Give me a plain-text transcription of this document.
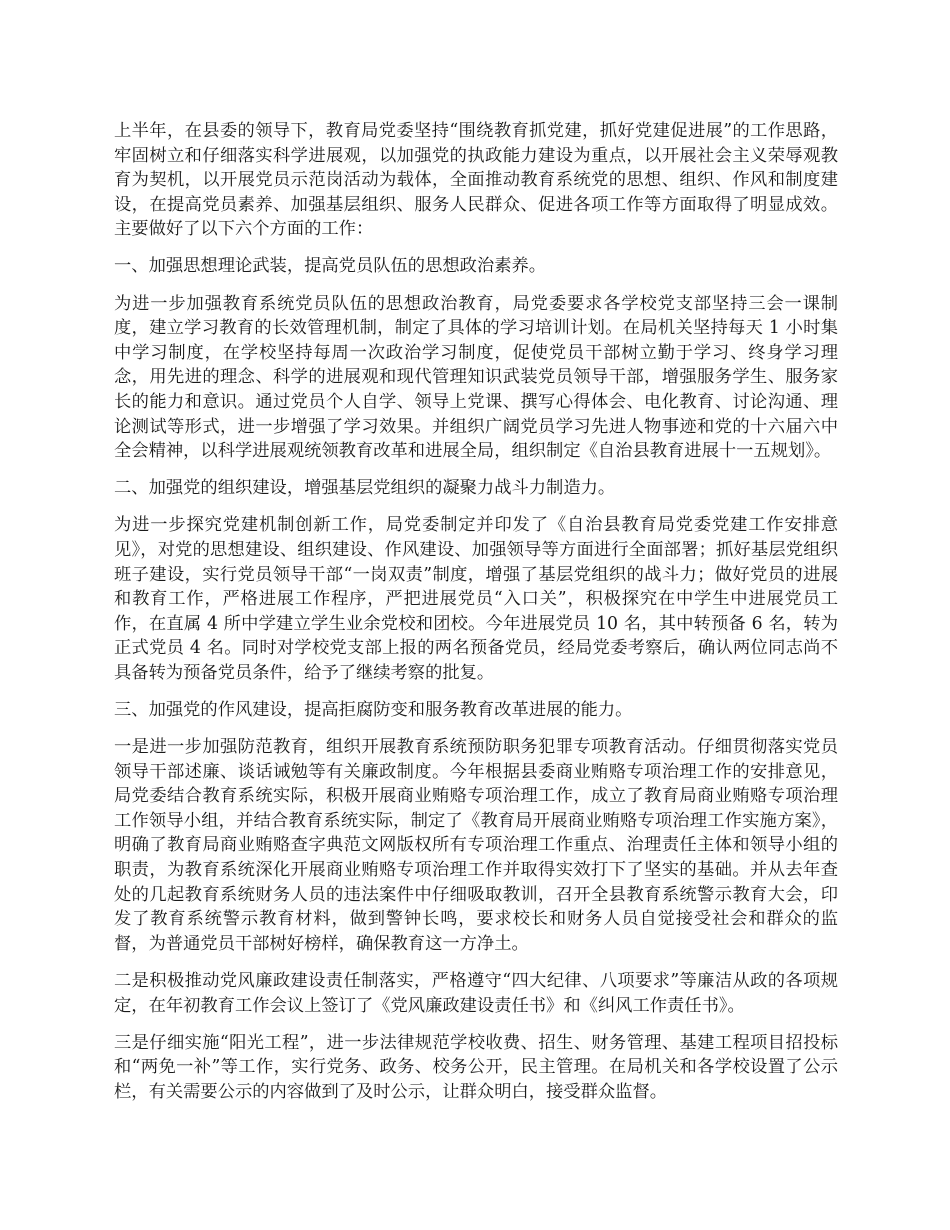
上半年，在县委的领导下，教育局党委坚持“围绕教育抓党建，抓好党建促进展”的工作思路，牢固树立和仔细落实科学进展观，以加强党的执政能力建设为重点，以开展社会主义荣辱观教育为契机，以开展党员示范岗活动为载体，全面推动教育系统党的思想、组织、作风和制度建设，在提高党员素养、加强基层组织、服务人民群众、促进各项工作等方面取得了明显成效。主要做好了以下六个方面的工作：

一、加强思想理论武装，提高党员队伍的思想政治素养。

为进一步加强教育系统党员队伍的思想政治教育，局党委要求各学校党支部坚持三会一课制度，建立学习教育的长效管理机制，制定了具体的学习培训计划。在局机关坚持每天 1 小时集中学习制度，在学校坚持每周一次政治学习制度，促使党员干部树立勤于学习、终身学习理念，用先进的理念、科学的进展观和现代管理知识武装党员领导干部，增强服务学生、服务家长的能力和意识。通过党员个人自学、领导上党课、撰写心得体会、电化教育、讨论沟通、理论测试等形式，进一步增强了学习效果。并组织广阔党员学习先进人物事迹和党的十六届六中全会精神，以科学进展观统领教育改革和进展全局，组织制定《自治县教育进展十一五规划》。

二、加强党的组织建设，增强基层党组织的凝聚力战斗力制造力。

为进一步探究党建机制创新工作，局党委制定并印发了《自治县教育局党委党建工作安排意见》，对党的思想建设、组织建设、作风建设、加强领导等方面进行全面部署；抓好基层党组织班子建设，实行党员领导干部“一岗双责”制度，增强了基层党组织的战斗力；做好党员的进展和教育工作，严格进展工作程序，严把进展党员“入口关”，积极探究在中学生中进展党员工作，在直属 4 所中学建立学生业余党校和团校。今年进展党员 10 名，其中转预备 6 名，转为正式党员 4 名。同时对学校党支部上报的两名预备党员，经局党委考察后，确认两位同志尚不具备转为预备党员条件，给予了继续考察的批复。

三、加强党的作风建设，提高拒腐防变和服务教育改革进展的能力。

一是进一步加强防范教育，组织开展教育系统预防职务犯罪专项教育活动。仔细贯彻落实党员领导干部述廉、谈话诫勉等有关廉政制度。今年根据县委商业贿赂专项治理工作的安排意见，局党委结合教育系统实际，积极开展商业贿赂专项治理工作，成立了教育局商业贿赂专项治理工作领导小组，并结合教育系统实际，制定了《教育局开展商业贿赂专项治理工作实施方案》，明确了教育局商业贿赂查字典范文网版权所有专项治理工作重点、治理责任主体和领导小组的职责，为教育系统深化开展商业贿赂专项治理工作并取得实效打下了坚实的基础。并从去年查处的几起教育系统财务人员的违法案件中仔细吸取教训，召开全县教育系统警示教育大会，印发了教育系统警示教育材料，做到警钟长鸣，要求校长和财务人员自觉接受社会和群众的监督，为普通党员干部树好榜样，确保教育这一方净土。

二是积极推动党风廉政建设责任制落实，严格遵守“四大纪律、八项要求”等廉洁从政的各项规定，在年初教育工作会议上签订了《党风廉政建设责任书》和《纠风工作责任书》。

三是仔细实施“阳光工程”，进一步法律规范学校收费、招生、财务管理、基建工程项目招投标和“两免一补”等工作，实行党务、政务、校务公开，民主管理。在局机关和各学校设置了公示栏，有关需要公示的内容做到了及时公示，让群众明白，接受群众监督。
